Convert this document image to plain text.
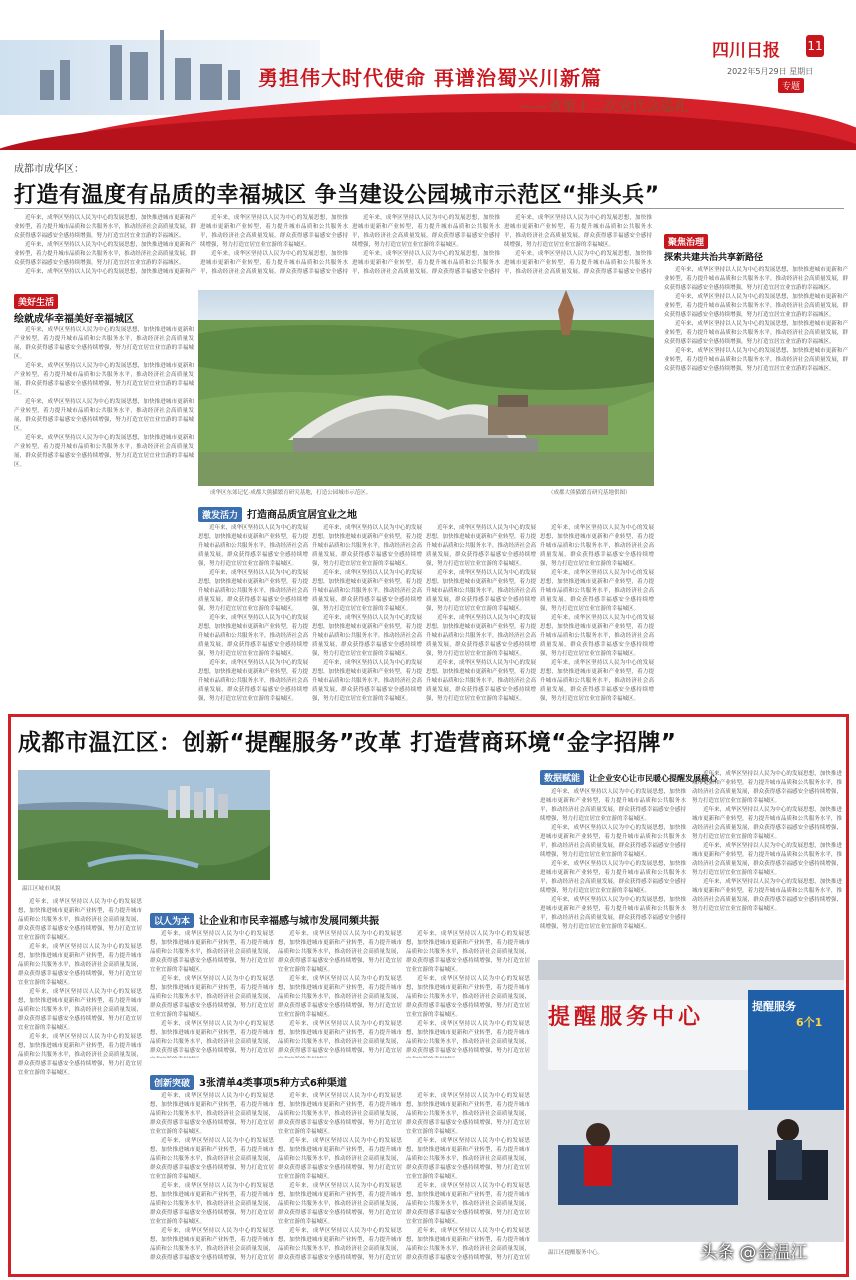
勇担伟大时代使命 再谱治蜀兴川新篇
——省第十二次党代会巡礼
四川日报 11
2022年5月29日 星期日
专题
成都市成华区：
打造有温度有品质的幸福城区 争当建设公园城市示范区“排头兵”

近年来，成华区坚持以人民为中心的发展思想，加快推进城市更新和产业转型，着力提升城市品质和公共服务水平，推动经济社会高质量发展，群众获得感幸福感安全感持续增强，努力打造宜居宜业宜游的幸福城区。

近年来，成华区坚持以人民为中心的发展思想，加快推进城市更新和产业转型，着力提升城市品质和公共服务水平，推动经济社会高质量发展，群众获得感幸福感安全感持续增强，努力打造宜居宜业宜游的幸福城区。

近年来，成华区坚持以人民为中心的发展思想，加快推进城市更新和产

近年来，成华区坚持以人民为中心的发展思想，加快推进城市更新和产业转型，着力提升城市品质和公共服务水平，推动经济社会高质量发展，群众获得感幸福感安全感持续增强，努力打造宜居宜业宜游的幸福城区。

近年来，成华区坚持以人民为中心的发展思想，加快推进城市更新和产业转型，着力提升城市品质和公共服务水平，推动经济社会高质量发展，群众获得感幸福感安全感持

近年来，成华区坚持以人民为中心的发展思想，加快推进城市更新和产业转型，着力提升城市品质和公共服务水平，推动经济社会高质量发展，群众获得感幸福感安全感持续增强，努力打造宜居宜业宜游的幸福城区。

近年来，成华区坚持以人民为中心的发展思想，加快推进城市更新和产业转型，着力提升城市品质和公共服务水平，推动经济社会高质量发展，群众获得感幸福感安全感持

近年来，成华区坚持以人民为中心的发展思想，加快推进城市更新和产业转型，着力提升城市品质和公共服务水平，推动经济社会高质量发展，群众获得感幸福感安全感持续增强，努力打造宜居宜业宜游的幸福城区。

近年来，成华区坚持以人民为中心的发展思想，加快推进城市更新和产业转型，着力提升城市品质和公共服务水平，推动经济社会高质量发展，群众获得感幸福感安全感持

美好生活
绘就成华幸福美好幸福城区

近年来，成华区坚持以人民为中心的发展思想，加快推进城市更新和产业转型，着力提升城市品质和公共服务水平，推动经济社会高质量发展，群众获得感幸福感安全感持续增强，努力打造宜居宜业宜游的幸福城区。

近年来，成华区坚持以人民为中心的发展思想，加快推进城市更新和产业转型，着力提升城市品质和公共服务水平，推动经济社会高质量发展，群众获得感幸福感安全感持续增强，努力打造宜居宜业宜游的幸福城区。

近年来，成华区坚持以人民为中心的发展思想，加快推进城市更新和产业转型，着力提升城市品质和公共服务水平，推动经济社会高质量发展，群众获得感幸福感安全感持续增强，努力打造宜居宜业宜游的幸福城区。

近年来，成华区坚持以人民为中心的发展思想，加快推进城市更新和产业转型，着力提升城市品质和公共服务水平，推动经济社会高质量发展，群众获得感幸福感安全感持续增强，努力打造宜居宜业宜游的幸福城区。

成华区东郊记忆·成都大熊猫繁育研究基地，打造公园城市示范区。	（成都大熊猫繁育研究基地供图）
激发活力 打造商品质宜居宜业之地

近年来，成华区坚持以人民为中心的发展思想，加快推进城市更新和产业转型，着力提升城市品质和公共服务水平，推动经济社会高质量发展，群众获得感幸福感安全感持续增强，努力打造宜居宜业宜游的幸福城区。

近年来，成华区坚持以人民为中心的发展思想，加快推进城市更新和产业转型，着力提升城市品质和公共服务水平，推动经济社会高质量发展，群众获得感幸福感安全感持续增强，努力打造宜居宜业宜游的幸福城区。

近年来，成华区坚持以人民为中心的发展思想，加快推进城市更新和产业转型，着力提升城市品质和公共服务水平，推动经济社会高质量发展，群众获得感幸福感安全感持续增强，努力打造宜居宜业宜游的幸福城区。

近年来，成华区坚持以人民为中心的发展思想，加快推进城市更新和产业转型，着力提升城市品质和公共服务水平，推动经济社会高质量发展，群众获得感幸福感安全感持续增强，努力打造宜居宜业宜游的幸福城区。

近年来，成华区坚持以人民为中心的发展思想，加快推进城市更新和产业转型，着力提升城市品质和公共服务水平，推动经济社会高质量发展，群众获得感幸福感安全感持续增强，努力打造宜居宜业宜游的幸福城区。

近年来，成华区坚持以人民为中心的发展思想，加快推进城市更新和产业转型，着力提升城市品质和公共服务水平，推动经济社会高质量发展，群众获得感幸福感安全感持续增强，努力打造宜居宜业宜游的幸福城区。

近年来，成华区坚持以人民为中心的发展思想，加快推进城市更新和产业转型，着力提升城市品质和公共服务水平，推动经济社会高质量发展，群众获得感幸福感安全感持续增强，努力打造宜居宜业宜游的幸福城区。

近年来，成华区坚持以人民为中心的发展思想，加快推进城市更新和产业转型，着力提升城市品质和公共服务水平，推动经济社会高质量发展，群众获得感幸福感安全感持续增强，努力打造宜居宜业宜游的幸福城区。

近年来，成华区坚持以人民为中心的发展思想，加快推进城市更新和产业转型，着力提升城市品质和公共服务水平，推动经济社会高质量发展，群众获得感幸福感安全感持续增强，努力打造宜居宜业宜游的幸福城区。

近年来，成华区坚持以人民为中心的发展思想，加快推进城市更新和产业转型，着力提升城市品质和公共服务水平，推动经济社会高质量发展，群众获得感幸福感安全感持续增强，努力打造宜居宜业宜游的幸福城区。

近年来，成华区坚持以人民为中心的发展思想，加快推进城市更新和产业转型，着力提升城市品质和公共服务水平，推动经济社会高质量发展，群众获得感幸福感安全感持续增强，努力打造宜居宜业宜游的幸福城区。

近年来，成华区坚持以人民为中心的发展思想，加快推进城市更新和产业转型，着力提升城市品质和公共服务水平，推动经济社会高质量发展，群众获得感幸福感安全感持续增强，努力打造宜居宜业宜游的幸福城区。

近年来，成华区坚持以人民为中心的发展思想，加快推进城市更新和产业转型，着力提升城市品质和公共服务水平，推动经济社会高质量发展，群众获得感幸福感安全感持续增强，努力打造宜居宜业宜游的幸福城区。

近年来，成华区坚持以人民为中心的发展思想，加快推进城市更新和产业转型，着力提升城市品质和公共服务水平，推动经济社会高质量发展，群众获得感幸福感安全感持续增强，努力打造宜居宜业宜游的幸福城区。

近年来，成华区坚持以人民为中心的发展思想，加快推进城市更新和产业转型，着力提升城市品质和公共服务水平，推动经济社会高质量发展，群众获得感幸福感安全感持续增强，努力打造宜居宜业宜游的幸福城区。

近年来，成华区坚持以人民为中心的发展思想，加快推进城市更新和产业转型，着力提升城市品质和公共服务水平，推动经济社会高质量发展，群众获得感幸福感安全感持续增强，努力打造宜居宜业宜游的幸福城区。

聚焦治理
探索共建共治共享新路径

近年来，成华区坚持以人民为中心的发展思想，加快推进城市更新和产业转型，着力提升城市品质和公共服务水平，推动经济社会高质量发展，群众获得感幸福感安全感持续增强，努力打造宜居宜业宜游的幸福城区。

近年来，成华区坚持以人民为中心的发展思想，加快推进城市更新和产业转型，着力提升城市品质和公共服务水平，推动经济社会高质量发展，群众获得感幸福感安全感持续增强，努力打造宜居宜业宜游的幸福城区。

近年来，成华区坚持以人民为中心的发展思想，加快推进城市更新和产业转型，着力提升城市品质和公共服务水平，推动经济社会高质量发展，群众获得感幸福感安全感持续增强，努力打造宜居宜业宜游的幸福城区。

近年来，成华区坚持以人民为中心的发展思想，加快推进城市更新和产业转型，着力提升城市品质和公共服务水平，推动经济社会高质量发展，群众获得感幸福感安全感持续增强，努力打造宜居宜业宜游的幸福城区。

成都市温江区：创新“提醒服务”改革 打造营商环境“金字招牌”
温江区城市风貌

近年来，成华区坚持以人民为中心的发展思想，加快推进城市更新和产业转型，着力提升城市品质和公共服务水平，推动经济社会高质量发展，群众获得感幸福感安全感持续增强，努力打造宜居宜业宜游的幸福城区。

近年来，成华区坚持以人民为中心的发展思想，加快推进城市更新和产业转型，着力提升城市品质和公共服务水平，推动经济社会高质量发展，群众获得感幸福感安全感持续增强，努力打造宜居宜业宜游的幸福城区。

近年来，成华区坚持以人民为中心的发展思想，加快推进城市更新和产业转型，着力提升城市品质和公共服务水平，推动经济社会高质量发展，群众获得感幸福感安全感持续增强，努力打造宜居宜业宜游的幸福城区。

近年来，成华区坚持以人民为中心的发展思想，加快推进城市更新和产业转型，着力提升城市品质和公共服务水平，推动经济社会高质量发展，群众获得感幸福感安全感持续增强，努力打造宜居宜业宜游的幸福城区。

以人为本 让企业和市民幸福感与城市发展同频共振

近年来，成华区坚持以人民为中心的发展思想，加快推进城市更新和产业转型，着力提升城市品质和公共服务水平，推动经济社会高质量发展，群众获得感幸福感安全感持续增强，努力打造宜居宜业宜游的幸福城区。

近年来，成华区坚持以人民为中心的发展思想，加快推进城市更新和产业转型，着力提升城市品质和公共服务水平，推动经济社会高质量发展，群众获得感幸福感安全感持续增强，努力打造宜居宜业宜游的幸福城区。

近年来，成华区坚持以人民为中心的发展思想，加快推进城市更新和产业转型，着力提升城市品质和公共服务水平，推动经济社会高质量发展，群众获得感幸福感安全感持续增强，努力打造宜居

近年来，成华区坚持以人民为中心的发展思想，加快推进城市更新和产业转型，着力提升城市品质和公共服务水平，推动经济社会高质量发展，群众获得感幸福感安全感持续增强，努力打造宜居宜业宜游的幸福城区。

近年来，成华区坚持以人民为中心的发展思想，加快推进城市更新和产业转型，着力提升城市品质和公共服务水平，推动经济社会高质量发展，群众获得感幸福感安全感持续增强，努力打造宜居宜业宜游的幸福城区。

近年来，成华区坚持以人民为中心的发展思想，加快推进城市更新和产业转型，着力提升城市品质和公共服务水平，推动经济社会高质量发展，群众获得感幸福感安全感持续增强，努力打造宜居

近年来，成华区坚持以人民为中心的发展思想，加快推进城市更新和产业转型，着力提升城市品质和公共服务水平，推动经济社会高质量发展，群众获得感幸福感安全感持续增强，努力打造宜居宜业宜游的幸福城区。

近年来，成华区坚持以人民为中心的发展思想，加快推进城市更新和产业转型，着力提升城市品质和公共服务水平，推动经济社会高质量发展，群众获得感幸福感安全感持续增强，努力打造宜居宜业宜游的幸福城区。

近年来，成华区坚持以人民为中心的发展思想，加快推进城市更新和产业转型，着力提升城市品质和公共服务水平，推动经济社会高质量发展，群众获得感幸福感安全感持续增强，努力打造宜居

创新突破 3张清单4类事项5种方式6种渠道

近年来，成华区坚持以人民为中心的发展思想，加快推进城市更新和产业转型，着力提升城市品质和公共服务水平，推动经济社会高质量发展，群众获得感幸福感安全感持续增强，努力打造宜居宜业宜游的幸福城区。

近年来，成华区坚持以人民为中心的发展思想，加快推进城市更新和产业转型，着力提升城市品质和公共服务水平，推动经济社会高质量发展，群众获得感幸福感安全感持续增强，努力打造宜居宜业宜游的幸福城区。

近年来，成华区坚持以人民为中心的发展思想，加快推进城市更新和产业转型，着力提升城市品质和公共服务水平，推动经济社会高质量发展，群众获得感幸福感安全感持续增强，努力打造宜居宜业宜游的幸福城区。

近年来，成华区坚持以人民为中心的发展思想，加快推进城市更新和产业转型，着力提升城市品质和公共服务水平，推动经济社会高质量发展，群众获得感幸福感安全感持续增强，努力打造宜居

近年来，成华区坚持以人民为中心的发展思想，加快推进城市更新和产业转型，着力提升城市品质和公共服务水平，推动经济社会高质量发展，群众获得感幸福感安全感持续增强，努力打造宜居宜业宜游的幸福城区。

近年来，成华区坚持以人民为中心的发展思想，加快推进城市更新和产业转型，着力提升城市品质和公共服务水平，推动经济社会高质量发展，群众获得感幸福感安全感持续增强，努力打造宜居宜业宜游的幸福城区。

近年来，成华区坚持以人民为中心的发展思想，加快推进城市更新和产业转型，着力提升城市品质和公共服务水平，推动经济社会高质量发展，群众获得感幸福感安全感持续增强，努力打造宜居宜业宜游的幸福城区。

近年来，成华区坚持以人民为中心的发展思想，加快推进城市更新和产业转型，着力提升城市品质和公共服务水平，推动经济社会高质量发展，群众获得感幸福感安全感持续增强，努力打造宜居

近年来，成华区坚持以人民为中心的发展思想，加快推进城市更新和产业转型，着力提升城市品质和公共服务水平，推动经济社会高质量发展，群众获得感幸福感安全感持续增强，努力打造宜居宜业宜游的幸福城区。

近年来，成华区坚持以人民为中心的发展思想，加快推进城市更新和产业转型，着力提升城市品质和公共服务水平，推动经济社会高质量发展，群众获得感幸福感安全感持续增强，努力打造宜居宜业宜游的幸福城区。

近年来，成华区坚持以人民为中心的发展思想，加快推进城市更新和产业转型，着力提升城市品质和公共服务水平，推动经济社会高质量发展，群众获得感幸福感安全感持续增强，努力打造宜居宜业宜游的幸福城区。

近年来，成华区坚持以人民为中心的发展思想，加快推进城市更新和产业转型，着力提升城市品质和公共服务水平，推动经济社会高质量发展，群众获得感幸福感安全感持续增强，努力打造宜居

数据赋能 让企业安心让市民暖心提醒发展核心

近年来，成华区坚持以人民为中心的发展思想，加快推进城市更新和产业转型，着力提升城市品质和公共服务水平，推动经济社会高质量发展，群众获得感幸福感安全感持续增强，努力打造宜居宜业宜游的幸福城区。

近年来，成华区坚持以人民为中心的发展思想，加快推进城市更新和产业转型，着力提升城市品质和公共服务水平，推动经济社会高质量发展，群众获得感幸福感安全感持续增强，努力打造宜居宜业宜游的幸福城区。

近年来，成华区坚持以人民为中心的发展思想，加快推进城市更新和产业转型，着力提升城市品质和公共服务水平，推动经济社会高质量发展，群众获得感幸福感安全感持续增强，努力打造宜居宜业宜游的幸福城区。

近年来，成华区坚持以人民为中心的发展思想，加快推进城市更新和产业转型，着力提升城市品质和公共服务水平，推动经济社会高质量发展，群众获得感幸福感安全感持续增强，努力打造宜居宜业宜游的幸福城区。

近年来，成华区坚持以人民为中心的发展思想，加快推进城市更新和产业转型，着力提升城市品质和公共服务水平，推动经济社会高质量发展，群众获得感幸福感安全感持续增强，努力打造宜居宜业宜游的幸福城区。

近年来，成华区坚持以人民为中心的发展思想，加快推进城市更新和产业转型，着力提升城市品质和公共服务水平，推动经济社会高质量发展，群众获得感幸福感安全感持续增强，努力打造宜居宜业宜游的幸福城区。

近年来，成华区坚持以人民为中心的发展思想，加快推进城市更新和产业转型，着力提升城市品质和公共服务水平，推动经济社会高质量发展，群众获得感幸福感安全感持续增强，努力打造宜居宜业宜游的幸福城区。

近年来，成华区坚持以人民为中心的发展思想，加快推进城市更新和产业转型，着力提升城市品质和公共服务水平，推动经济社会高质量发展，群众获得感幸福感安全感持续增强，努力打造宜居宜业宜游的幸福城区。

提醒服务中心	提醒服务
6个1
温江区提醒服务中心。	头条 @金温江
